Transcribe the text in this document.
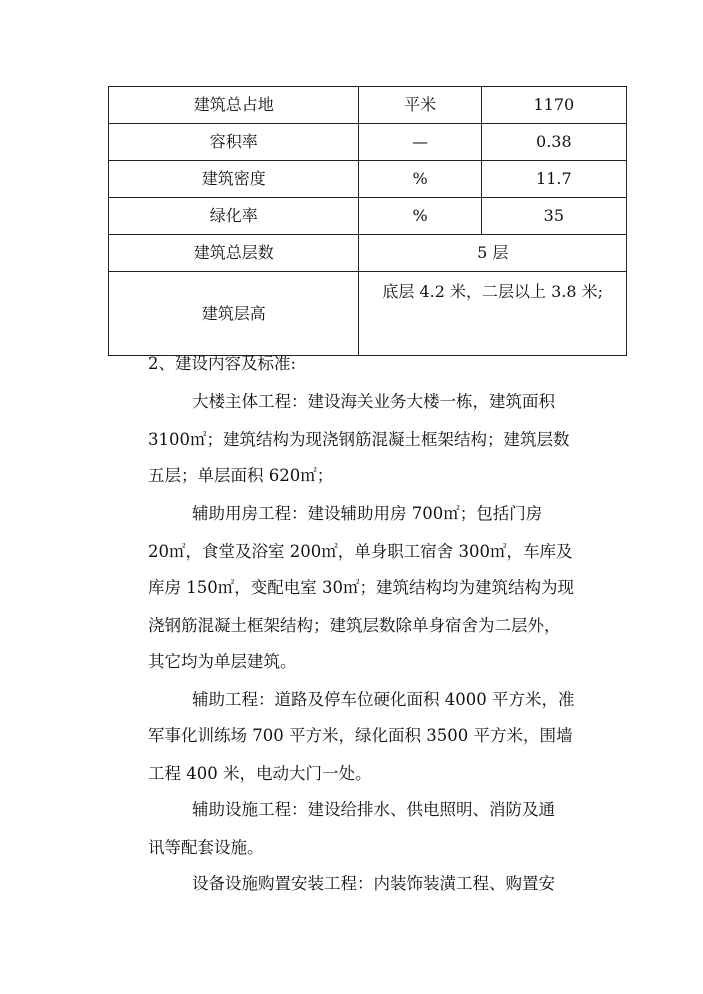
建筑总占地	平米	1170
容积率	—	0.38
建筑密度	%	11.7
绿化率	%	35
建筑总层数	5 层	
建筑层高	底层 4.2 米，二层以上 3.8 米;	
2、建设内容及标准:
大楼主体工程：建设海关业务大楼一栋，建筑面积
3100㎡；建筑结构为现浇钢筋混凝土框架结构；建筑层数
五层；单层面积 620㎡；
辅助用房工程：建设辅助用房 700㎡；包括门房
20㎡，食堂及浴室 200㎡，单身职工宿舍 300㎡，车库及
库房 150㎡，变配电室 30㎡；建筑结构均为建筑结构为现
浇钢筋混凝土框架结构；建筑层数除单身宿舍为二层外，
其它均为单层建筑。
辅助工程：道路及停车位硬化面积 4000 平方米，准
军事化训练场 700 平方米，绿化面积 3500 平方米，围墙
工程 400 米，电动大门一处。
辅助设施工程：建设给排水、供电照明、消防及通
讯等配套设施。
设备设施购置安装工程：内装饰装潢工程、购置安
